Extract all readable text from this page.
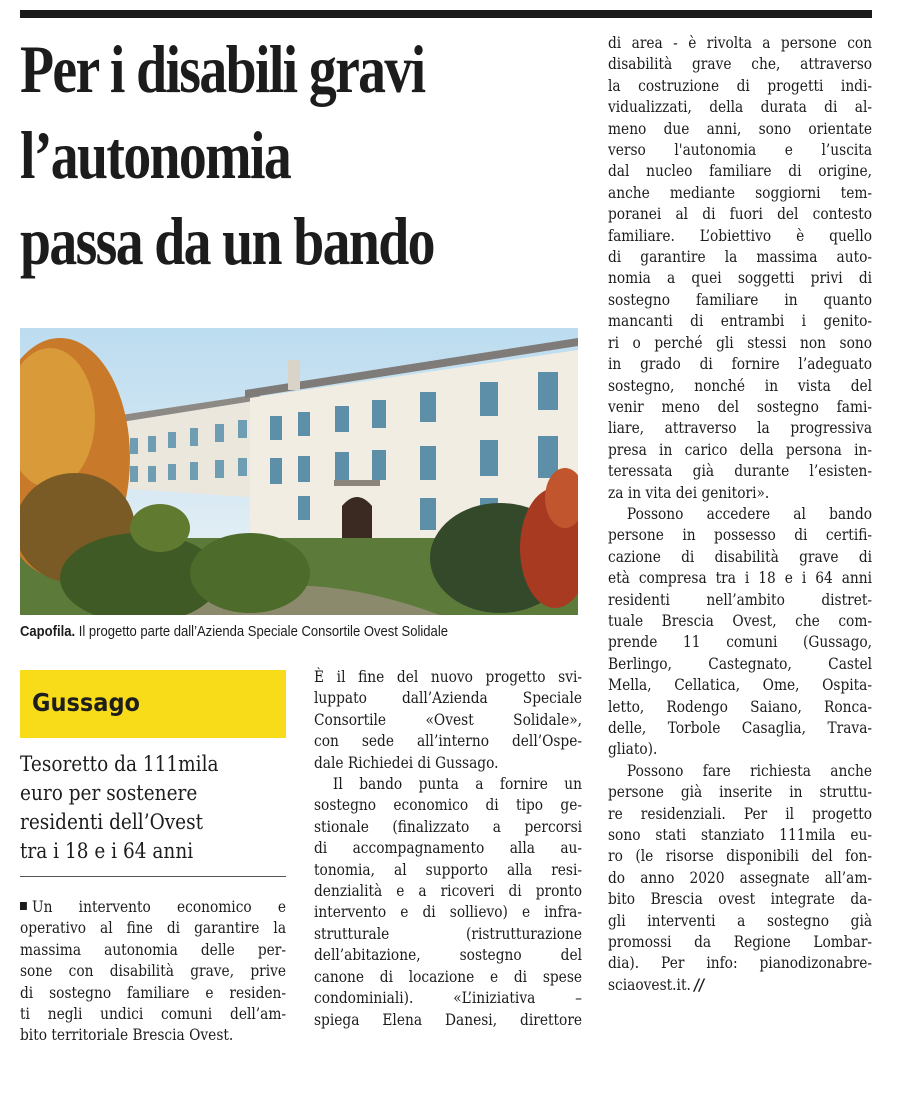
Per i disabili gravi
l’autonomia
passa da un bando
Capofila. Il progetto parte dall’Azienda Speciale Consortile Ovest Solidale
Gussago
Tesoretto da 111mila
euro per sostenere
residenti dell’Ovest
tra i 18 e i 64 anni
Un intervento economico e
operativo al fine di garantire la
massima autonomia delle per-
sone con disabilità grave, prive
di sostegno familiare e residen-
ti negli undici comuni dell’am-
bito territoriale Brescia Ovest.
È il fine del nuovo progetto svi-
luppato dall’Azienda Speciale
Consortile «Ovest Solidale»,
con sede all’interno dell’Ospe-
dale Richiedei di Gussago.
Il bando punta a fornire un
sostegno economico di tipo ge-
stionale (finalizzato a percorsi
di accompagnamento alla au-
tonomia, al supporto alla resi-
denzialità e a ricoveri di pronto
intervento e di sollievo) e infra-
strutturale (ristrutturazione
dell’abitazione, sostegno del
canone di locazione e di spese
condominiali). «L’iniziativa –
spiega Elena Danesi, direttore
di area - è rivolta a persone con
disabilità grave che, attraverso
la costruzione di progetti indi-
vidualizzati, della durata di al-
meno due anni, sono orientate
verso l'autonomia e l’uscita
dal nucleo familiare di origine,
anche mediante soggiorni tem-
poranei al di fuori del contesto
familiare. L’obiettivo è quello
di garantire la massima auto-
nomia a quei soggetti privi di
sostegno familiare in quanto
mancanti di entrambi i genito-
ri o perché gli stessi non sono
in grado di fornire l’adeguato
sostegno, nonché in vista del
venir meno del sostegno fami-
liare, attraverso la progressiva
presa in carico della persona in-
teressata già durante l’esisten-
za in vita dei genitori».
Possono accedere al bando
persone in possesso di certifi-
cazione di disabilità grave di
età compresa tra i 18 e i 64 anni
residenti nell’ambito distret-
tuale Brescia Ovest, che com-
prende 11 comuni (Gussago,
Berlingo, Castegnato, Castel
Mella, Cellatica, Ome, Ospita-
letto, Rodengo Saiano, Ronca-
delle, Torbole Casaglia, Trava-
gliato).
Possono fare richiesta anche
persone già inserite in struttu-
re residenziali. Per il progetto
sono stati stanziato 111mila eu-
ro (le risorse disponibili del fon-
do anno 2020 assegnate all’am-
bito Brescia ovest integrate da-
gli interventi a sostegno già
promossi da Regione Lombar-
dia). Per info: pianodizonabre-
sciaovest.it. //
